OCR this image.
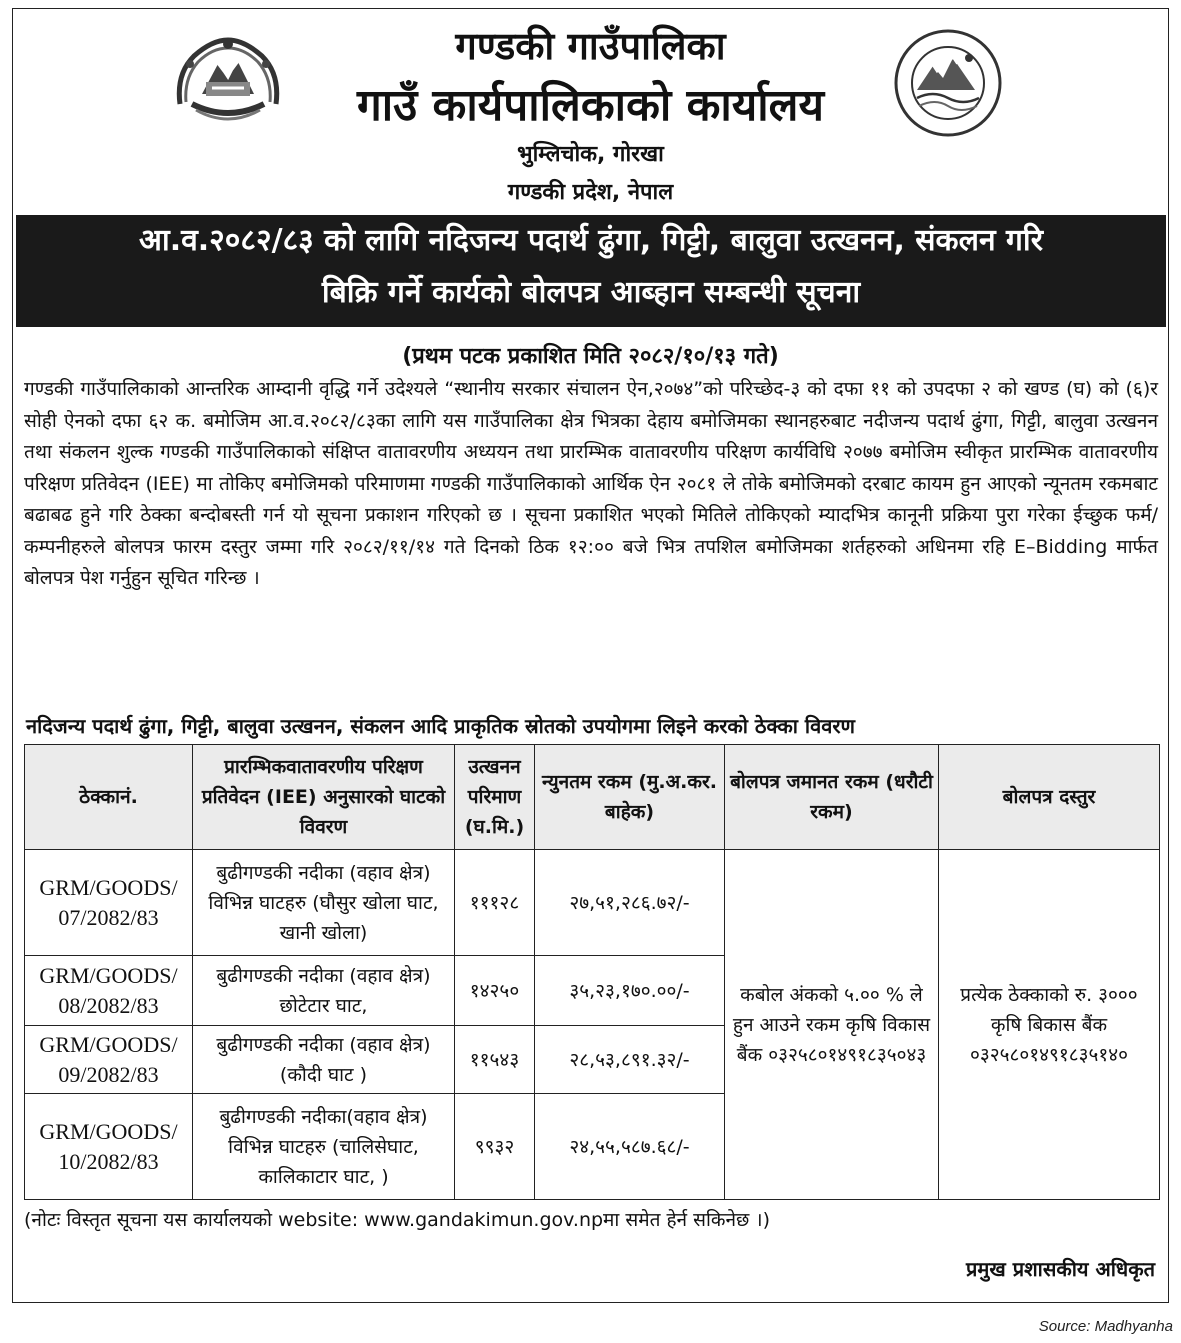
गण्डकी गाउँपालिका
गाउँ कार्यपालिकाको कार्यालय
भुम्लिचोक, गोरखा
गण्डकी प्रदेश, नेपाल
आ.व.२०८२/८३ को लागि नदिजन्य पदार्थ ढुंगा, गिट्टी, बालुवा उत्खनन, संकलन गरि
बिक्रि गर्ने कार्यको बोलपत्र आब्हान सम्बन्धी सूचना
(प्रथम पटक प्रकाशित मिति २०८२/१०/१३ गते)
गण्डकी गाउँपालिकाको आन्तरिक आम्दानी वृद्धि गर्ने उदेश्यले “स्थानीय सरकार संचालन ऐन,२०७४”को परिच्छेद-३ को दफा ११ को उपदफा २ को खण्ड (घ) को (६)र सोही ऐनको दफा ६२ क. बमोजिम आ.व.२०८२/८३का लागि यस गाउँपालिका क्षेत्र भित्रका देहाय बमोजिमका स्थानहरुबाट नदीजन्य पदार्थ ढुंगा, गिट्टी, बालुवा उत्खनन तथा संकलन शुल्क गण्डकी गाउँपालिकाको संक्षिप्त वातावरणीय अध्ययन तथा प्रारम्भिक वातावरणीय परिक्षण कार्यविधि २०७७ बमोजिम स्वीकृत प्रारम्भिक वातावरणीय परिक्षण प्रतिवेदन (IEE) मा तोकिए बमोजिमको परिमाणमा गण्डकी गाउँपालिकाको आर्थिक ऐन २०८१ ले तोके बमोजिमको दरबाट कायम हुन आएको न्यूनतम रकमबाट बढाबढ हुने गरि ठेक्का बन्दोबस्ती गर्न यो सूचना प्रकाशन गरिएको छ । सूचना प्रकाशित भएको मितिले तोकिएको म्यादभित्र कानूनी प्रक्रिया पुरा गरेका ईच्छुक फर्म/कम्पनीहरुले बोलपत्र फारम दस्तुर जम्मा गरि २०८२/११/१४ गते दिनको ठिक १२:०० बजे भित्र तपशिल बमोजिमका शर्तहरुको अधिनमा रहि E–Bidding मार्फत बोलपत्र पेश गर्नुहुन सूचित गरिन्छ ।
नदिजन्य पदार्थ ढुंगा, गिट्टी, बालुवा उत्खनन, संकलन आदि प्राकृतिक स्रोतको उपयोगमा लिइने करको ठेक्का विवरण
ठेक्कानं.	प्रारम्भिकवातावरणीय परिक्षण प्रतिवेदन (IEE) अनुसारको घाटको विवरण	उत्खनन परिमाण (घ.मि.)	न्युनतम रकम (मु.अ.कर. बाहेक)	बोलपत्र जमानत रकम (धरौटी रकम)	बोलपत्र दस्तुर
GRM/GOODS/ 07/2082/83	बुढीगण्डकी नदीका (वहाव क्षेत्र) विभिन्न घाटहरु (घौसुर खोला घाट, खानी खोला)	१११२८	२७,५१,२८६.७२/-	कबोल अंकको ५.०० % ले हुन आउने रकम कृषि विकास बैंक ०३२५८०१४९१८३५०४३	प्रत्येक ठेक्काको रु. ३००० कृषि बिकास बैंक ०३२५८०१४९१८३५१४०
GRM/GOODS/ 08/2082/83	बुढीगण्डकी नदीका (वहाव क्षेत्र) छोटेटार घाट,	१४२५०	३५,२३,१७०.००/-		
GRM/GOODS/ 09/2082/83	बुढीगण्डकी नदीका (वहाव क्षेत्र) (कौदी घाट )	११५४३	२८,५३,८९१.३२/-		
GRM/GOODS/ 10/2082/83	बुढीगण्डकी नदीका(वहाव क्षेत्र) विभिन्न घाटहरु (चालिसेघाट, कालिकाटार घाट, )	९९३२	२४,५५,५८७.६८/-		
(नोटः विस्तृत सूचना यस कार्यालयको website: www.gandakimun.gov.npमा समेत हेर्न सकिनेछ ।)
प्रमुख प्रशासकीय अधिकृत
Source: Madhyanha
